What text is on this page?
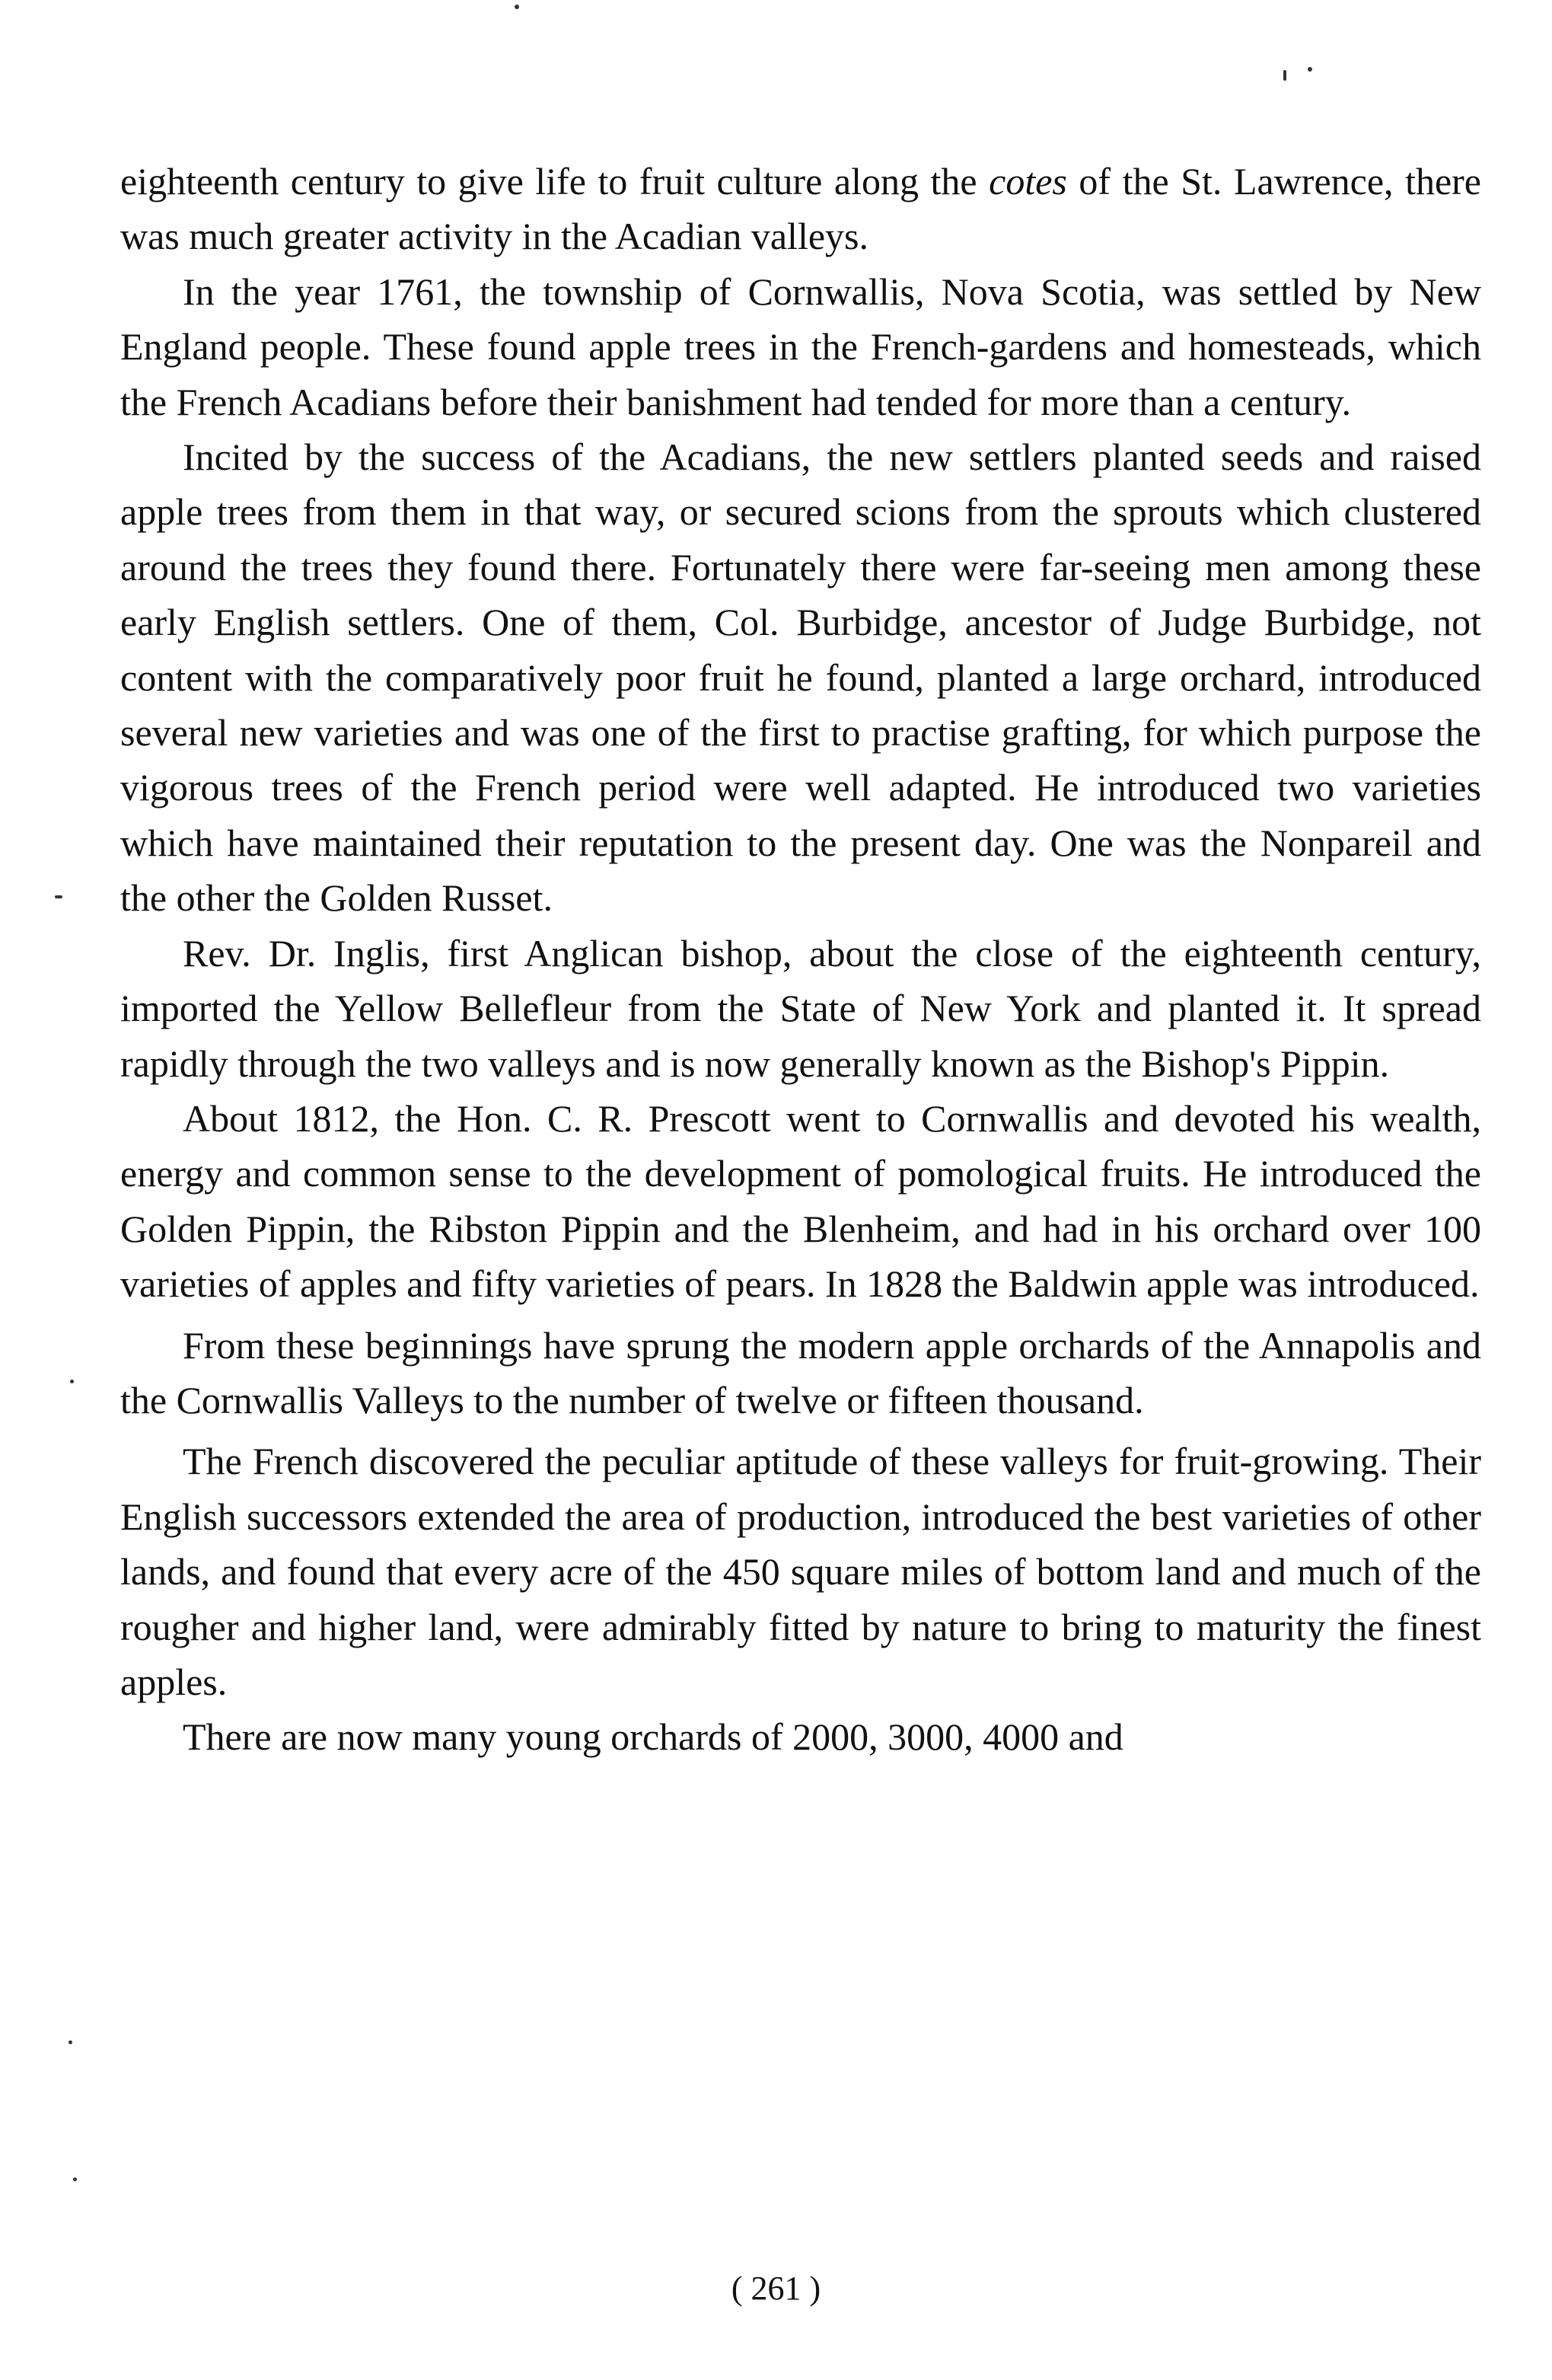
eighteenth century to give life to fruit culture along the cotes of the St. Lawrence, there was much greater activity in the Acadian valleys.

In the year 1761, the township of Cornwallis, Nova Scotia, was settled by New England people. These found apple trees in the French-gardens and homesteads, which the French Acadians before their banishment had tended for more than a century.

Incited by the success of the Acadians, the new settlers planted seeds and raised apple trees from them in that way, or secured scions from the sprouts which clustered around the trees they found there. Fortunately there were far-seeing men among these early English settlers. One of them, Col. Burbidge, ancestor of Judge Burbidge, not content with the comparatively poor fruit he found, planted a large orchard, introduced several new varieties and was one of the first to practise grafting, for which purpose the vigorous trees of the French period were well adapted. He introduced two varieties which have maintained their reputation to the present day. One was the Nonpareil and the other the Golden Russet.

Rev. Dr. Inglis, first Anglican bishop, about the close of the eighteenth century, imported the Yellow Bellefleur from the State of New York and planted it. It spread rapidly through the two valleys and is now generally known as the Bishop's Pippin.

About 1812, the Hon. C. R. Prescott went to Cornwallis and devoted his wealth, energy and common sense to the development of pomological fruits. He introduced the Golden Pippin, the Ribston Pippin and the Blenheim, and had in his orchard over 100 varieties of apples and fifty varieties of pears. In 1828 the Baldwin apple was introduced.

From these beginnings have sprung the modern apple orchards of the Annapolis and the Cornwallis Valleys to the number of twelve or fifteen thousand.

The French discovered the peculiar aptitude of these valleys for fruit-growing. Their English successors extended the area of production, introduced the best varieties of other lands, and found that every acre of the 450 square miles of bottom land and much of the rougher and higher land, were admirably fitted by nature to bring to maturity the finest apples.

There are now many young orchards of 2000, 3000, 4000 and

( 261 )
